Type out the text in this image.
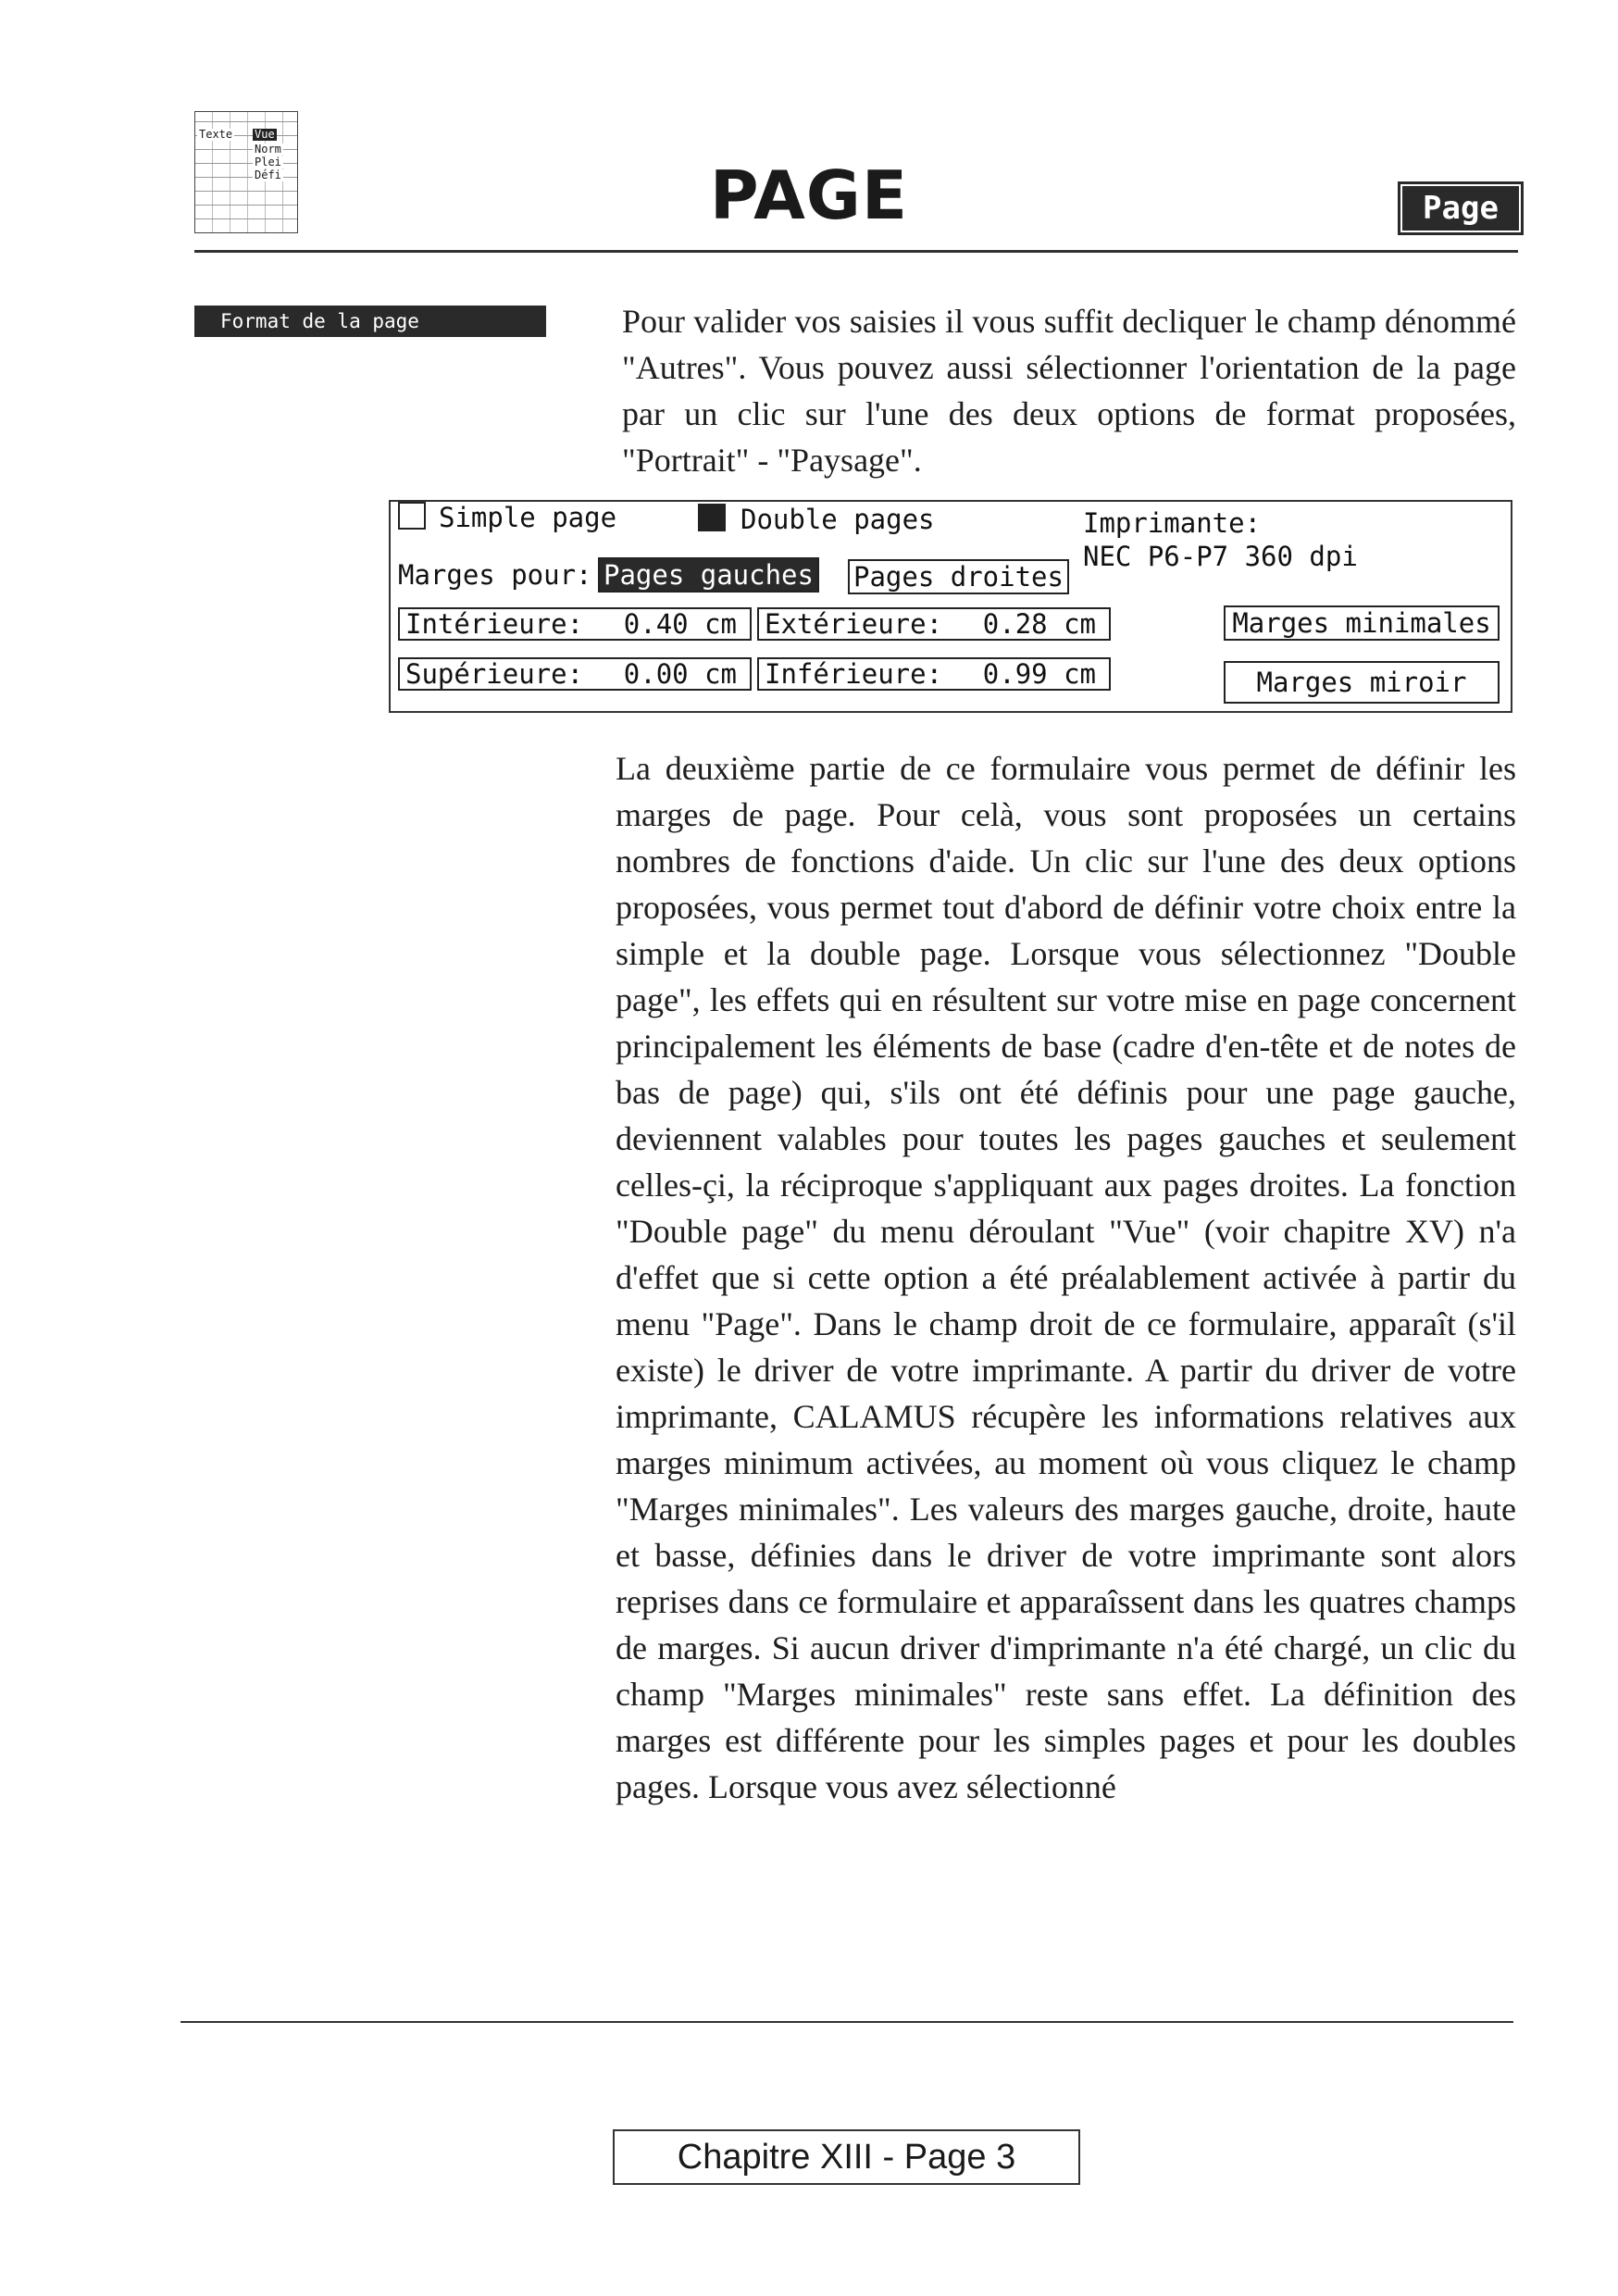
Texte Vue
Norm
Plei
Défi	PAGE	Page
Format de la page	Pour valider vos saisies il vous suffit decliquer le champ dénommé "Autres". Vous pouvez aussi sélectionner l'orientation de la page par un clic sur l'une des deux options de format proposées, "Portrait" - "Paysage".
Simple page	Double pages	Imprimante:
NEC P6-P7 360 dpi
Marges pour: Pages gauches Pages droites
Intérieure: 0.40 cm Extérieure: 0.28 cm	Marges minimales
Supérieure: 0.00 cm Inférieure: 0.99 cm	Marges miroir
La deuxième partie de ce formulaire vous permet de définir les marges de page. Pour celà, vous sont proposées un certains nombres de fonctions d'aide. Un clic sur l'une des deux options proposées, vous permet tout d'abord de définir votre choix entre la simple et la double page. Lorsque vous sélectionnez "Double page", les effets qui en résultent sur votre mise en page concernent principalement les éléments de base (cadre d'en-tête et de notes de bas de page) qui, s'ils ont été définis pour une page gauche, deviennent valables pour toutes les pages gauches et seulement celles-çi, la réciproque s'appliquant aux pages droites. La fonction "Double page" du menu déroulant "Vue" (voir chapitre XV) n'a d'effet que si cette option a été préalablement activée à partir du menu "Page". Dans le champ droit de ce formulaire, apparaît (s'il existe) le driver de votre imprimante. A partir du driver de votre imprimante, CALAMUS récupère les informations relatives aux marges minimum activées, au moment où vous cliquez le champ "Marges minimales". Les valeurs des marges gauche, droite, haute et basse, définies dans le driver de votre imprimante sont alors reprises dans ce formulaire et apparaîssent dans les quatres champs de marges. Si aucun driver d'imprimante n'a été chargé, un clic du champ "Marges minimales" reste sans effet. La définition des marges est différente pour les simples pages et pour les doubles pages. Lorsque vous avez sélectionné
Chapitre XIII - Page 3
